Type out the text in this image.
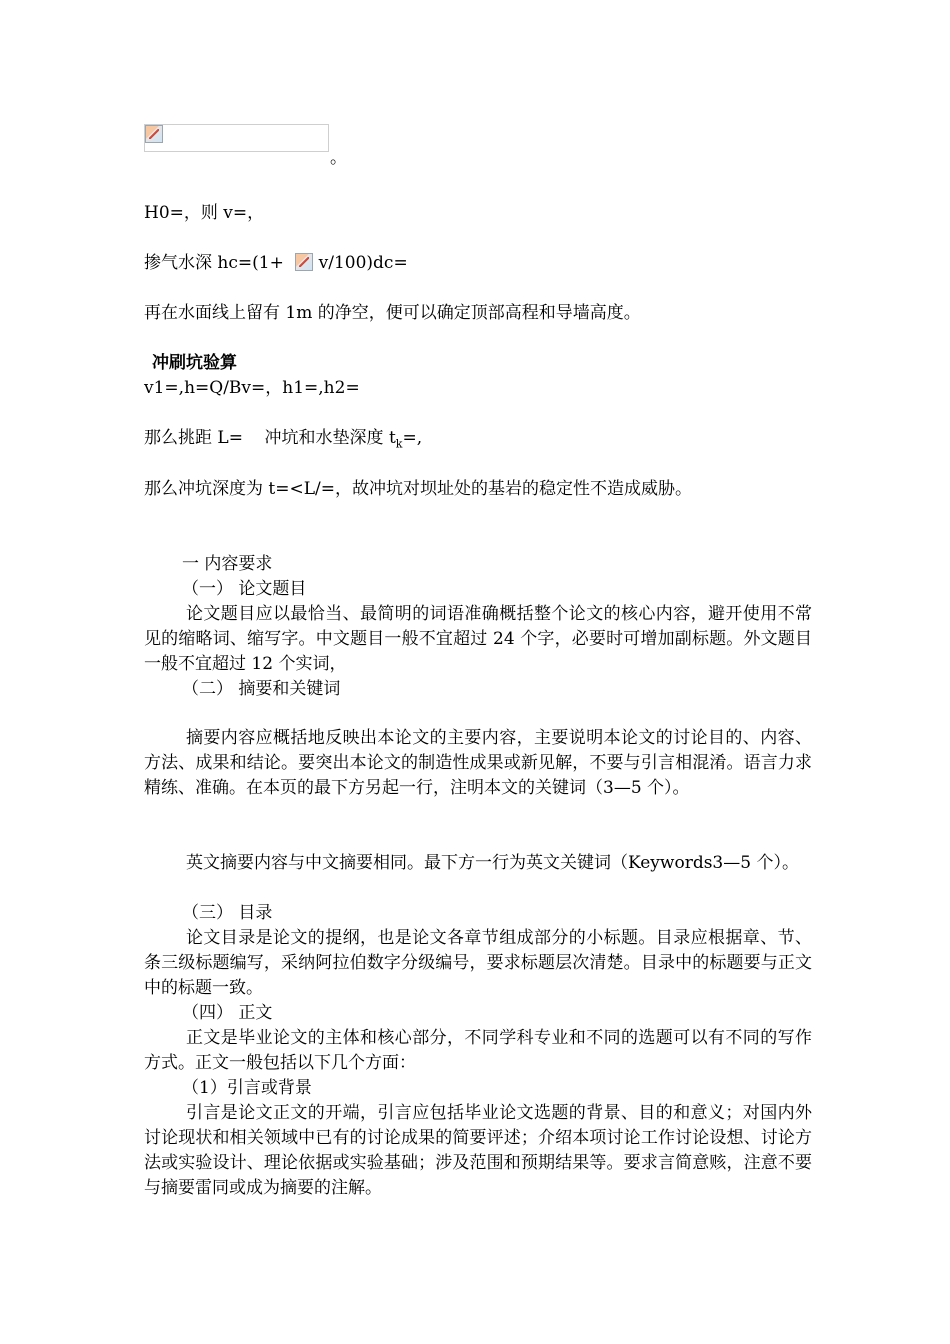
。
H0=，则 v=，
掺气水深 hc=(1+  v/100)dc=
再在水面线上留有 1m 的净空，便可以确定顶部高程和导墙高度。
冲刷坑验算
v1=,h=Q/Bv=，h1=,h2=
那么挑距 L=    冲坑和水垫深度 $t_k=$,
那么冲坑深度为 t=<L/=，故冲坑对坝址处的基岩的稳定性不造成威胁。
一 内容要求
（一） 论文题目
论文题目应以最恰当、最简明的词语准确概括整个论文的核心内容，避开使用不常见的缩略词、缩写字。中文题目一般不宜超过 24 个字，必要时可增加副标题。外文题目一般不宜超过 12 个实词，
（二） 摘要和关键词
摘要内容应概括地反映出本论文的主要内容，主要说明本论文的讨论目的、内容、方法、成果和结论。要突出本论文的制造性成果或新见解，不要与引言相混淆。语言力求精练、准确。在本页的最下方另起一行，注明本文的关键词（3—5 个）。
英文摘要内容与中文摘要相同。最下方一行为英文关键词（Keywords3—5 个）。
（三） 目录
论文目录是论文的提纲，也是论文各章节组成部分的小标题。目录应根据章、节、条三级标题编写，采纳阿拉伯数字分级编号，要求标题层次清楚。目录中的标题要与正文中的标题一致。
（四） 正文
正文是毕业论文的主体和核心部分，不同学科专业和不同的选题可以有不同的写作方式。正文一般包括以下几个方面：
（1）引言或背景
引言是论文正文的开端，引言应包括毕业论文选题的背景、目的和意义；对国内外讨论现状和相关领域中已有的讨论成果的简要评述；介绍本项讨论工作讨论设想、讨论方法或实验设计、理论依据或实验基础；涉及范围和预期结果等。要求言简意赅，注意不要与摘要雷同或成为摘要的注解。
